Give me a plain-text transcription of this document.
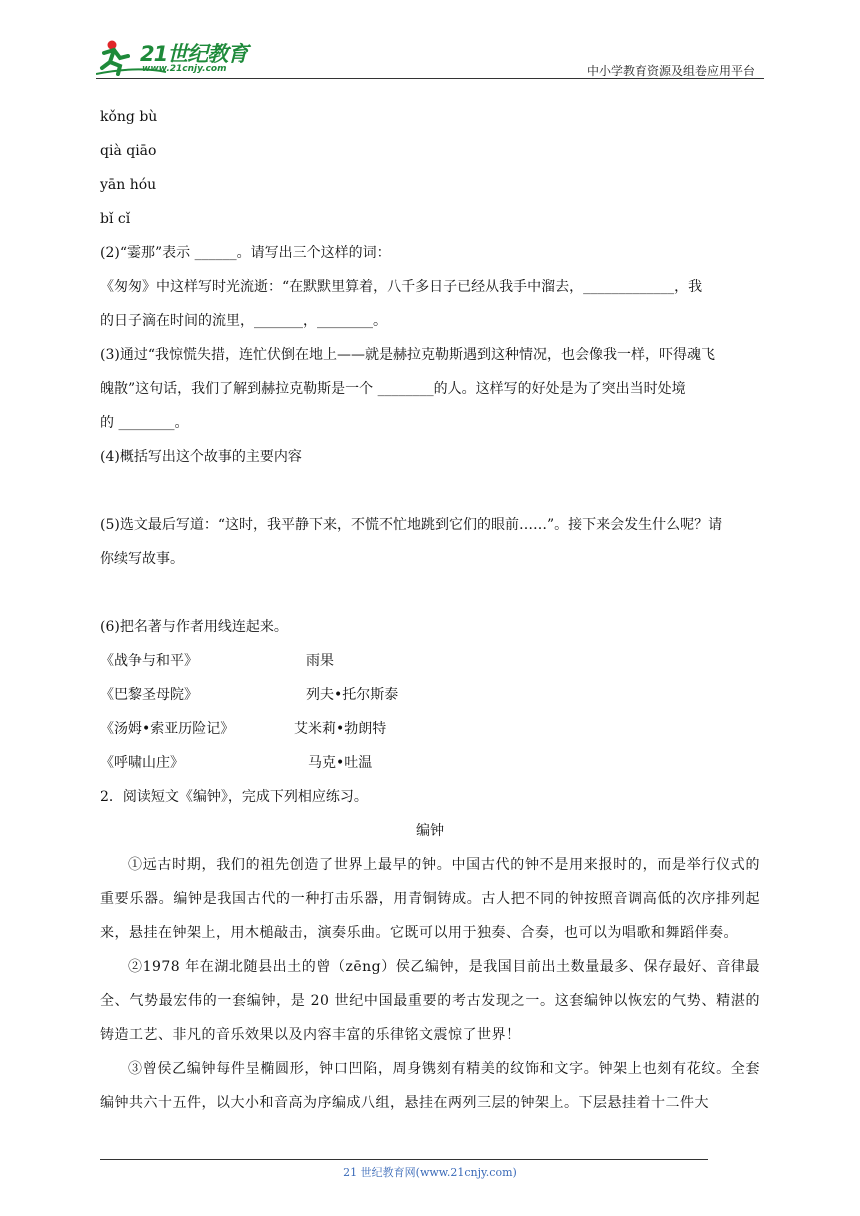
21世纪教育
www.21cnjy.com	中小学教育资源及组卷应用平台
kǒng bù
qià qiāo
yān hóu
bǐ cǐ
(2)“霎那”表示 ______。请写出三个这样的词：
《匆匆》中这样写时光流逝：“在默默里算着，八千多日子已经从我手中溜去，_____________，我
的日子滴在时间的流里，_______，________。
(3)通过“我惊慌失措，连忙伏倒在地上——就是赫拉克勒斯遇到这种情况，也会像我一样，吓得魂飞
魄散”这句话，我们了解到赫拉克勒斯是一个 ________的人。这样写的好处是为了突出当时处境
的 ________。
(4)概括写出这个故事的主要内容
(5)选文最后写道：“这时，我平静下来，不慌不忙地跳到它们的眼前……”。接下来会发生什么呢？请
你续写故事。
(6)把名著与作者用线连起来。
《战争与和平》	雨果
《巴黎圣母院》	列夫•托尔斯泰
《汤姆•索亚历险记》	艾米莉•勃朗特
《呼啸山庄》	马克•吐温
2．阅读短文《编钟》，完成下列相应练习。
编钟
①远古时期，我们的祖先创造了世界上最早的钟。中国古代的钟不是用来报时的，而是举行仪式的重要乐器。编钟是我国古代的一种打击乐器，用青铜铸成。古人把不同的钟按照音调高低的次序排列起来，悬挂在钟架上，用木槌敲击，演奏乐曲。它既可以用于独奏、合奏，也可以为唱歌和舞蹈伴奏。
②1978 年在湖北随县出土的曾（zēng）侯乙编钟，是我国目前出土数量最多、保存最好、音律最全、气势最宏伟的一套编钟，是 20 世纪中国最重要的考古发现之一。这套编钟以恢宏的气势、精湛的铸造工艺、非凡的音乐效果以及内容丰富的乐律铭文震惊了世界！
③曾侯乙编钟每件呈椭圆形，钟口凹陷，周身镌刻有精美的纹饰和文字。钟架上也刻有花纹。全套编钟共六十五件，以大小和音高为序编成八组，悬挂在两列三层的钟架上。下层悬挂着十二件大
21 世纪教育网(www.21cnjy.com)
